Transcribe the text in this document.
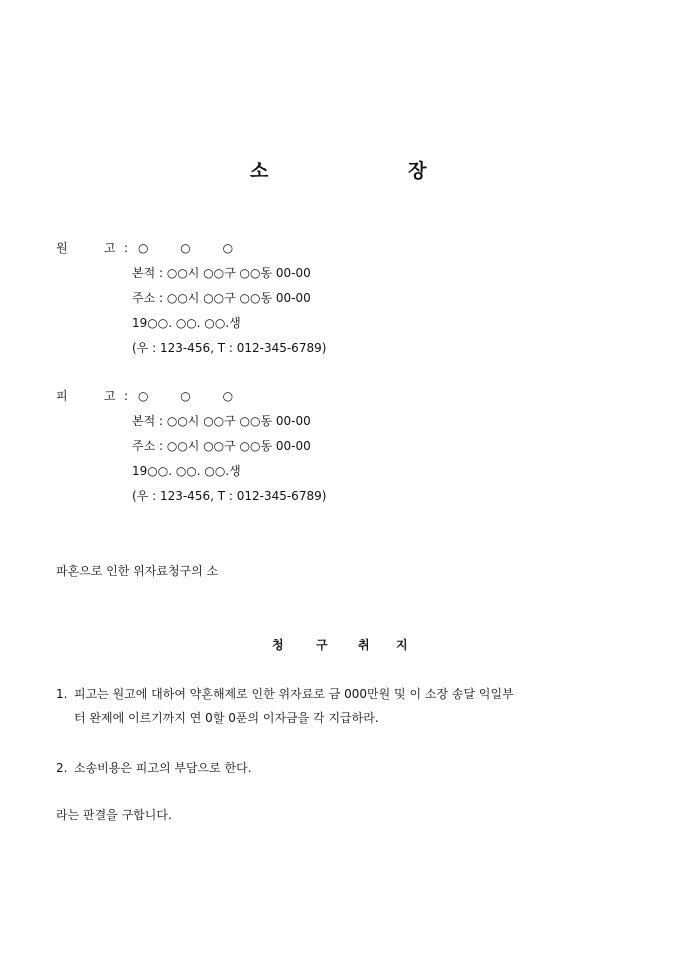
소	장
원	고 : ○ ○ ○
본적 : ○○시 ○○구 ○○동 00-00
주소 : ○○시 ○○구 ○○동 00-00
19○○. ○○. ○○.생
(우 : 123-456, T : 012-345-6789)
피	고 : ○ ○ ○
본적 : ○○시 ○○구 ○○동 00-00
주소 : ○○시 ○○구 ○○동 00-00
19○○. ○○. ○○.생
(우 : 123-456, T : 012-345-6789)
파혼으로 인한 위자료청구의 소
청	구	취 지
1. 피고는 원고에 대하여 약혼해제로 인한 위자료로 금 000만원 및 이 소장 송달 익일부
터 완제에 이르기까지 연 0할 0푼의 이자금을 각 지급하라.
2. 소송비용은 피고의 부담으로 한다.
라는 판결을 구합니다.
